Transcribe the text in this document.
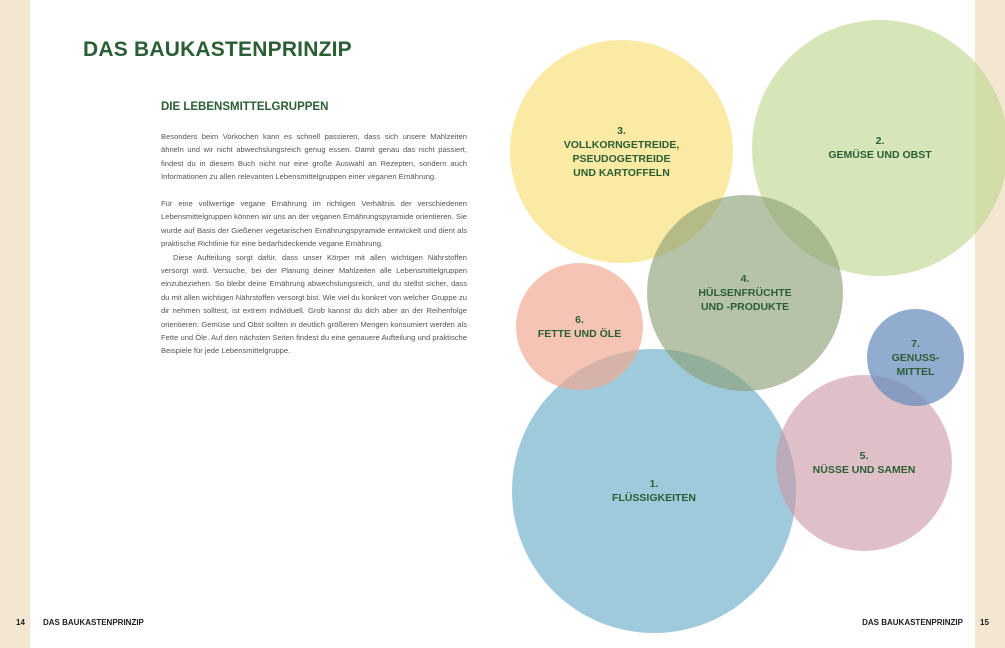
DAS BAUKASTENPRINZIP
DIE LEBENSMITTELGRUPPEN

Besonders beim Vorkochen kann es schnell passieren, dass sich unsere Mahlzeiten ähneln und wir nicht abwechslungsreich genug essen. Damit genau das nicht passiert, findest du in diesem Buch nicht nur eine große Auswahl an Rezepten, sondern auch Informationen zu allen relevanten Lebensmittelgruppen einer veganen Ernährung.

Für eine vollwertige vegane Ernährung im richtigen Verhältnis der verschiedenen Lebensmittelgruppen können wir uns an der veganen Ernährungspyramide orientieren. Sie wurde auf Basis der Gießener vegetarischen Ernährungspyramide entwickelt und dient als praktische Richtlinie für eine bedarfsdeckende vegane Ernährung.

Diese Aufteilung sorgt dafür, dass unser Körper mit allen wichtigen Nährstoffen versorgt wird. Versuche, bei der Planung deiner Mahlzeiten alle Lebensmittelgruppen einzubeziehen. So bleibt deine Ernährung abwechslungsreich, und du stellst sicher, dass du mit allen wichtigen Nährstoffen versorgt bist. Wie viel du konkret von welcher Gruppe zu dir nehmen solltest, ist extrem individuell. Grob kannst du dich aber an der Reihenfolge orientieren: Gemüse und Obst sollten in deutlich größeren Mengen konsumiert werden als Fette und Öle. Auf den nächsten Seiten findest du eine genauere Aufteilung und praktische Beispiele für jede Lebensmittelgruppe.

1.
FLÜSSIGKEITEN
2.
GEMÜSE UND OBST
3.
VOLLKORNGETREIDE,
PSEUDOGETREIDE
UND KARTOFFELN
4.
HÜLSENFRÜCHTE
UND -PRODUKTE
5.
NÜSSE UND SAMEN
6.
FETTE UND ÖLE
7.
GENUSS-
MITTEL
14 DAS BAUKASTENPRINZIP	DAS BAUKASTENPRINZIP 15
